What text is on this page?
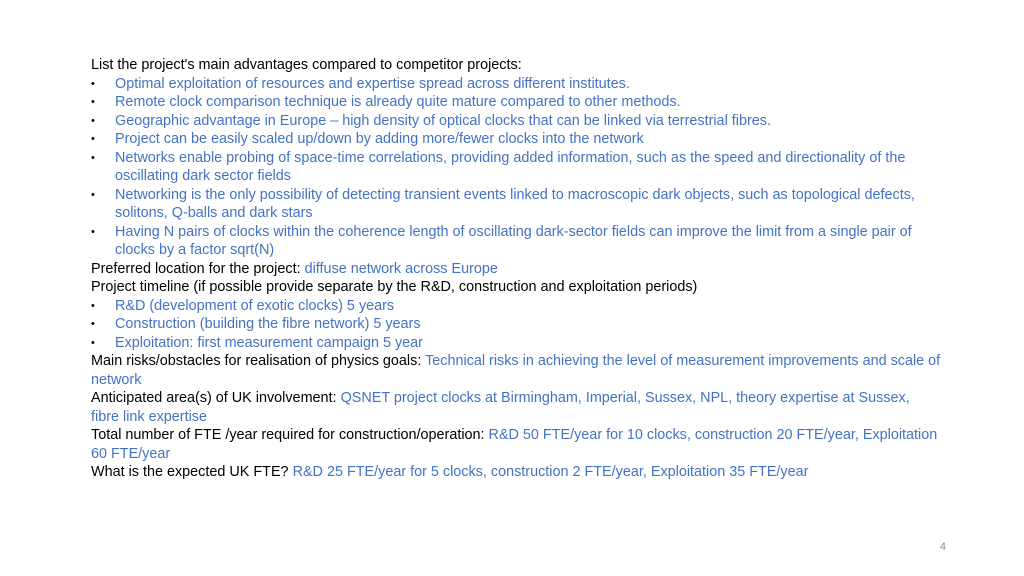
List the project's main advantages compared to competitor projects:

•	Optimal exploitation of resources and expertise spread across different institutes.

•	Remote clock comparison technique is already quite mature compared to other methods.

•	Geographic advantage in Europe – high density of optical clocks that can be linked via terrestrial fibres.

•	Project can be easily scaled up/down by adding more/fewer clocks into the network

•	Networks enable probing of space-time correlations, providing added information, such as the speed and directionality of the oscillating dark sector fields

•	Networking is the only possibility of detecting transient events linked to macroscopic dark objects, such as topological defects, solitons, Q-balls and dark stars

•	Having N pairs of clocks within the coherence length of oscillating dark-sector fields can improve the limit from a single pair of clocks by a factor sqrt(N)

Preferred location for the project: diffuse network across Europe

Project timeline (if possible provide separate by the R&D, construction and exploitation periods)

•	R&D (development of exotic clocks) 5 years

•	Construction (building the fibre network) 5 years

•	Exploitation: first measurement campaign 5 year

Main risks/obstacles for realisation of physics goals: Technical risks in achieving the level of measurement improvements and scale of network

Anticipated area(s) of UK involvement: QSNET project clocks at Birmingham, Imperial, Sussex, NPL, theory expertise at Sussex, fibre link expertise

Total number of FTE /year required for construction/operation: R&D 50 FTE/year for 10 clocks, construction 20 FTE/year, Exploitation 60 FTE/year

What is the expected UK FTE? R&D 25 FTE/year for 5 clocks, construction 2 FTE/year, Exploitation 35 FTE/year

4
